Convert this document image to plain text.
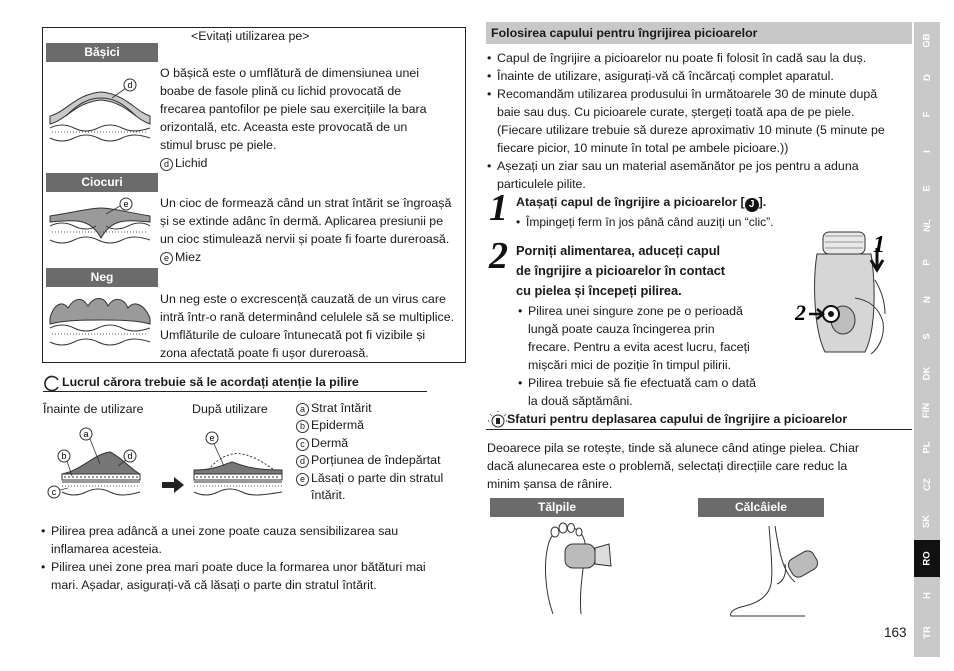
<Evitați utilizarea pe>
Bășici
d
O bășică este o umflătură de dimensiunea unei
boabe de fasole plină cu lichid provocată de
frecarea pantofilor pe piele sau exercițiile la bara
orizontală, etc. Aceasta este provocată de un
stimul brusc pe piele.
d Lichid
Ciocuri
e	Un cioc de formează când un strat întărit se îngroașă
și se extinde adânc în dermă. Aplicarea presiunii pe
un cioc stimulează nervii și poate fi foarte dureroasă.
e Miez
Neg
Un neg este o excrescență cauzată de un virus care
intră într-o rană determinând celulele să se multiplice.
Umflăturile de culoare întunecată pot fi vizibile și
zona afectată poate fi ușor dureroasă.
Lucrul cărora trebuie să le acordați atenție la pilire
Înainte de utilizare	După utilizare
a
b
c
d
e
a Strat întărit
b Epidermă
c Dermă
d Porțiunea de îndepărtat
e Lăsați o parte din stratul
întărit.
• Pilirea prea adâncă a unei zone poate cauza sensibilizarea sau
inflamarea acesteia.
• Pilirea unei zone prea mari poate duce la formarea unor bătături mai
mari. Așadar, asigurați-vă că lăsați o parte din stratul întărit.
Folosirea capului pentru îngrijirea picioarelor
• Capul de îngrijire a picioarelor nu poate fi folosit în cadă sau la duș.
• Înainte de utilizare, asigurați-vă că încărcați complet aparatul.
• Recomandăm utilizarea produsului în următoarele 30 de minute după
baie sau duș. Cu picioarele curate, ștergeți toată apa de pe piele.
(Fiecare utilizare trebuie să dureze aproximativ 10 minute (5 minute pe
fiecare picior, 10 minute în total pe ambele picioare.))
• Așezați un ziar sau un material asemănător pe jos pentru a aduna
particulele pilite.
1 Atașați capul de îngrijire a picioarelor [ J ].
• Împingeți ferm în jos până când auziți un “clic”.
2 Porniți alimentarea, aduceți capul
de îngrijire a picioarelor în contact
cu pielea și începeți pilirea.
• Pilirea unei singure zone pe o perioadă
lungă poate cauza încingerea prin
frecare. Pentru a evita acest lucru, faceți
mișcări mici de poziție în timpul pilirii.
• Pilirea trebuie să fie efectuată cam o dată
la două săptămâni.
1
2
Sfaturi pentru deplasarea capului de îngrijire a picioarelor
Deoarece pila se rotește, tinde să alunece când atinge pielea. Chiar
dacă alunecarea este o problemă, selectați direcțiile care reduc la
minim șansa de rânire.
Tălpile	Călcâiele
163
GB
D
F
I
E
NL
P
N
S
DK
FIN
PL
CZ
SK
RO
H
TR
